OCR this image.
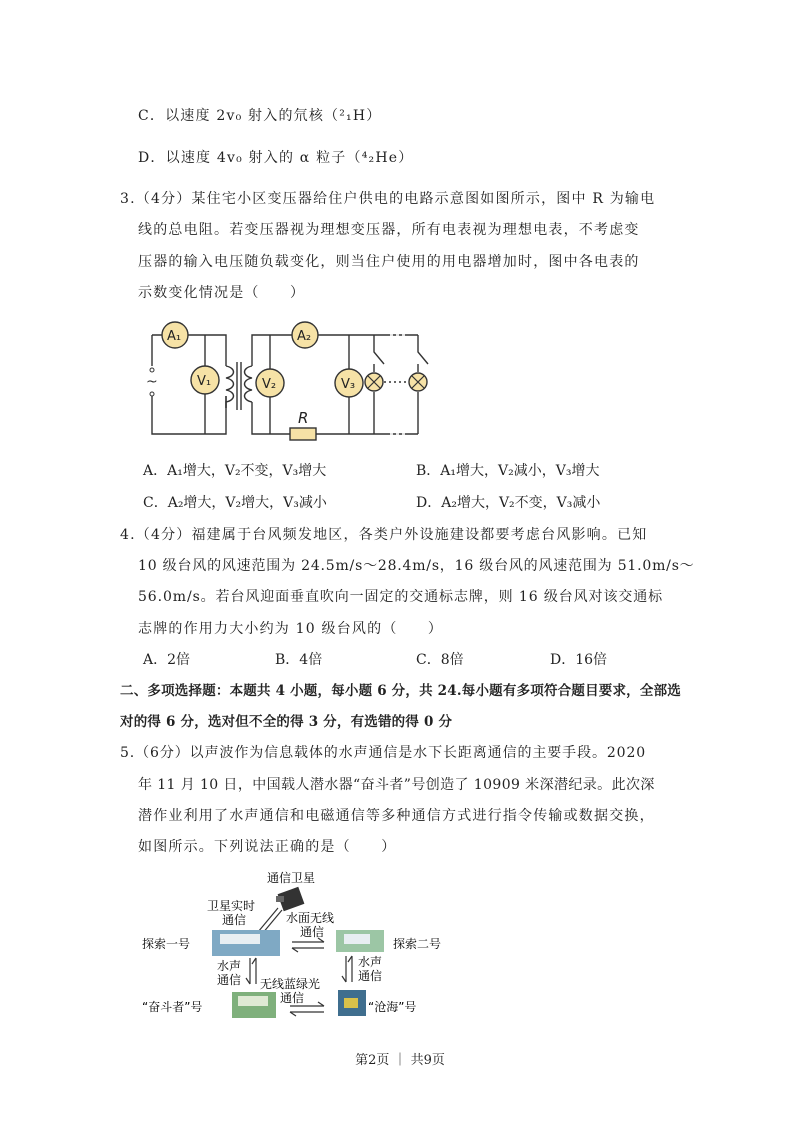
C．以速度 2v₀ 射入的氘核（²₁H）
D．以速度 4v₀ 射入的 α 粒子（⁴₂He）
3.（4分）某住宅小区变压器给住户供电的电路示意图如图所示，图中 R 为输电
线的总电阻。若变压器视为理想变压器，所有电表视为理想电表，不考虑变
压器的输入电压随负载变化，则当住户使用的用电器增加时，图中各电表的
示数变化情况是（　　）
~
A₁
V₁
A₂
V₂	V₃
R
A．A₁增大，V₂不变，V₃增大	B．A₁增大，V₂减小，V₃增大
C．A₂增大，V₂增大，V₃减小	D．A₂增大，V₂不变，V₃减小
4.（4分）福建属于台风频发地区，各类户外设施建设都要考虑台风影响。已知
10 级台风的风速范围为 24.5m/s～28.4m/s，16 级台风的风速范围为 51.0m/s～
56.0m/s。若台风迎面垂直吹向一固定的交通标志牌，则 16 级台风对该交通标
志牌的作用力大小约为 10 级台风的（　　）
A．2倍	B．4倍	C．8倍	D．16倍
二、多项选择题：本题共 4 小题，每小题 6 分，共 24.每小题有多项符合题目要求，全部选
对的得 6 分，选对但不全的得 3 分，有选错的得 0 分
5.（6分）以声波作为信息载体的水声通信是水下长距离通信的主要手段。2020
年 11 月 10 日，中国载人潜水器“奋斗者”号创造了 10909 米深潜纪录。此次深
潜作业利用了水声通信和电磁通信等多种通信方式进行指令传输或数据交换，
如图所示。下列说法正确的是（　　）
通信卫星
卫星实时
通信	水面无线
通信
探索一号	探索二号
水声
通信
水声
通信
无线蓝绿光
通信
“奋斗者”号	“沧海”号
第2页 ｜ 共9页
